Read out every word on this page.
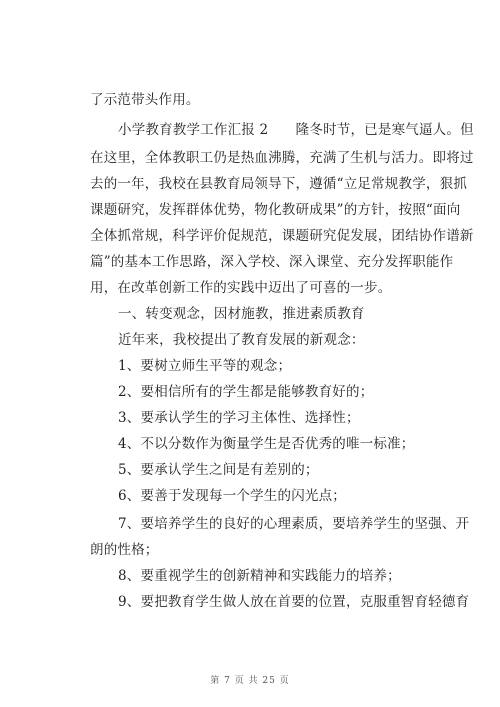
了示范带头作用。
小学教育教学工作汇报 2　　隆冬时节，已是寒气逼人。但
在这里，全体教职工仍是热血沸腾，充满了生机与活力。即将过
去的一年，我校在县教育局领导下，遵循“立足常规教学，狠抓
课题研究，发挥群体优势，物化教研成果”的方针，按照“面向
全体抓常规，科学评价促规范，课题研究促发展，团结协作谱新
篇”的基本工作思路，深入学校、深入课堂、充分发挥职能作
用，在改革创新工作的实践中迈出了可喜的一步。
一、转变观念，因材施教，推进素质教育
近年来，我校提出了教育发展的新观念：
1、要树立师生平等的观念；
2、要相信所有的学生都是能够教育好的；
3、要承认学生的学习主体性、选择性；
4、不以分数作为衡量学生是否优秀的唯一标准；
5、要承认学生之间是有差别的；
6、要善于发现每一个学生的闪光点；
7、要培养学生的良好的心理素质，要培养学生的坚强、开
朗的性格；
8、要重视学生的创新精神和实践能力的培养；
9、要把教育学生做人放在首要的位置，克服重智育轻德育
第 7 页 共 25 页
